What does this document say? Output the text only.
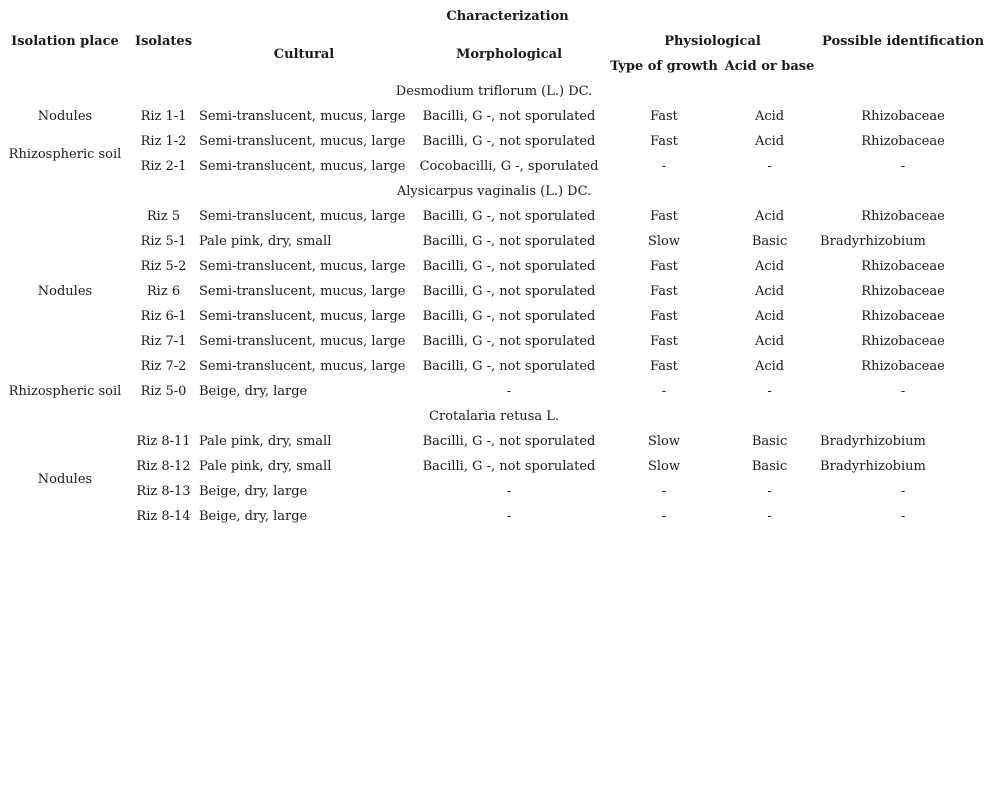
Isolation place	Isolates	Characterization				Possible identification
		Cultural	Morphological	Physiological		
				Type of growth	Acid or base	
Desmodium triflorum (L.) DC.						
Nodules	Riz 1-1	Semi-translucent, mucus, large	Bacilli, G -, not sporulated	Fast	Acid	Rhizobaceae
Rhizospheric soil	Riz 1-2	Semi-translucent, mucus, large	Bacilli, G -, not sporulated	Fast	Acid	Rhizobaceae
	Riz 2-1	Semi-translucent, mucus, large	Cocobacilli, G -, sporulated	-	-	-
Alysicarpus vaginalis (L.) DC.						
Nodules	Riz 5	Semi-translucent, mucus, large	Bacilli, G -, not sporulated	Fast	Acid	Rhizobaceae
	Riz 5-1	Pale pink, dry, small	Bacilli, G -, not sporulated	Slow	Basic	Bradyrhizobium
	Riz 5-2	Semi-translucent, mucus, large	Bacilli, G -, not sporulated	Fast	Acid	Rhizobaceae
	Riz 6	Semi-translucent, mucus, large	Bacilli, G -, not sporulated	Fast	Acid	Rhizobaceae
	Riz 6-1	Semi-translucent, mucus, large	Bacilli, G -, not sporulated	Fast	Acid	Rhizobaceae
	Riz 7-1	Semi-translucent, mucus, large	Bacilli, G -, not sporulated	Fast	Acid	Rhizobaceae
	Riz 7-2	Semi-translucent, mucus, large	Bacilli, G -, not sporulated	Fast	Acid	Rhizobaceae
Rhizospheric soil	Riz 5-0	Beige, dry, large	-	-	-	-
Crotalaria retusa L.						
Nodules	Riz 8-11	Pale pink, dry, small	Bacilli, G -, not sporulated	Slow	Basic	Bradyrhizobium
	Riz 8-12	Pale pink, dry, small	Bacilli, G -, not sporulated	Slow	Basic	Bradyrhizobium
	Riz 8-13	Beige, dry, large	-	-	-	-
	Riz 8-14	Beige, dry, large	-	-	-	-
